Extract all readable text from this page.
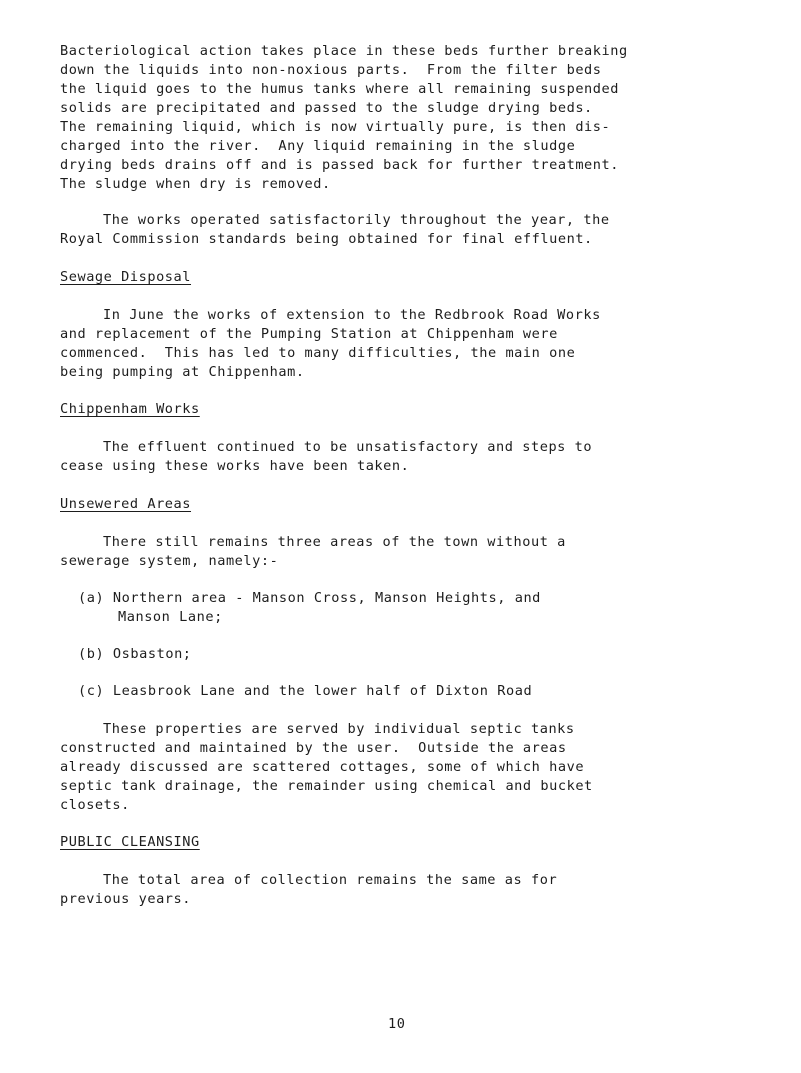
Bacteriological action takes place in these beds further breaking
down the liquids into non-noxious parts.  From the filter beds
the liquid goes to the humus tanks where all remaining suspended
solids are precipitated and passed to the sludge drying beds.
The remaining liquid, which is now virtually pure, is then dis-
charged into the river.  Any liquid remaining in the sludge
drying beds drains off and is passed back for further treatment.
The sludge when dry is removed.
The works operated satisfactorily throughout the year, the
Royal Commission standards being obtained for final effluent.
Sewage Disposal
In June the works of extension to the Redbrook Road Works
and replacement of the Pumping Station at Chippenham were
commenced.  This has led to many difficulties, the main one
being pumping at Chippenham.
Chippenham Works
The effluent continued to be unsatisfactory and steps to
cease using these works have been taken.
Unsewered Areas
There still remains three areas of the town without a
sewerage system, namely:-
(a) Northern area - Manson Cross, Manson Heights, and
Manson Lane;
(b) Osbaston;
(c) Leasbrook Lane and the lower half of Dixton Road
These properties are served by individual septic tanks
constructed and maintained by the user.  Outside the areas
already discussed are scattered cottages, some of which have
septic tank drainage, the remainder using chemical and bucket
closets.
PUBLIC CLEANSING
The total area of collection remains the same as for
previous years.
10
